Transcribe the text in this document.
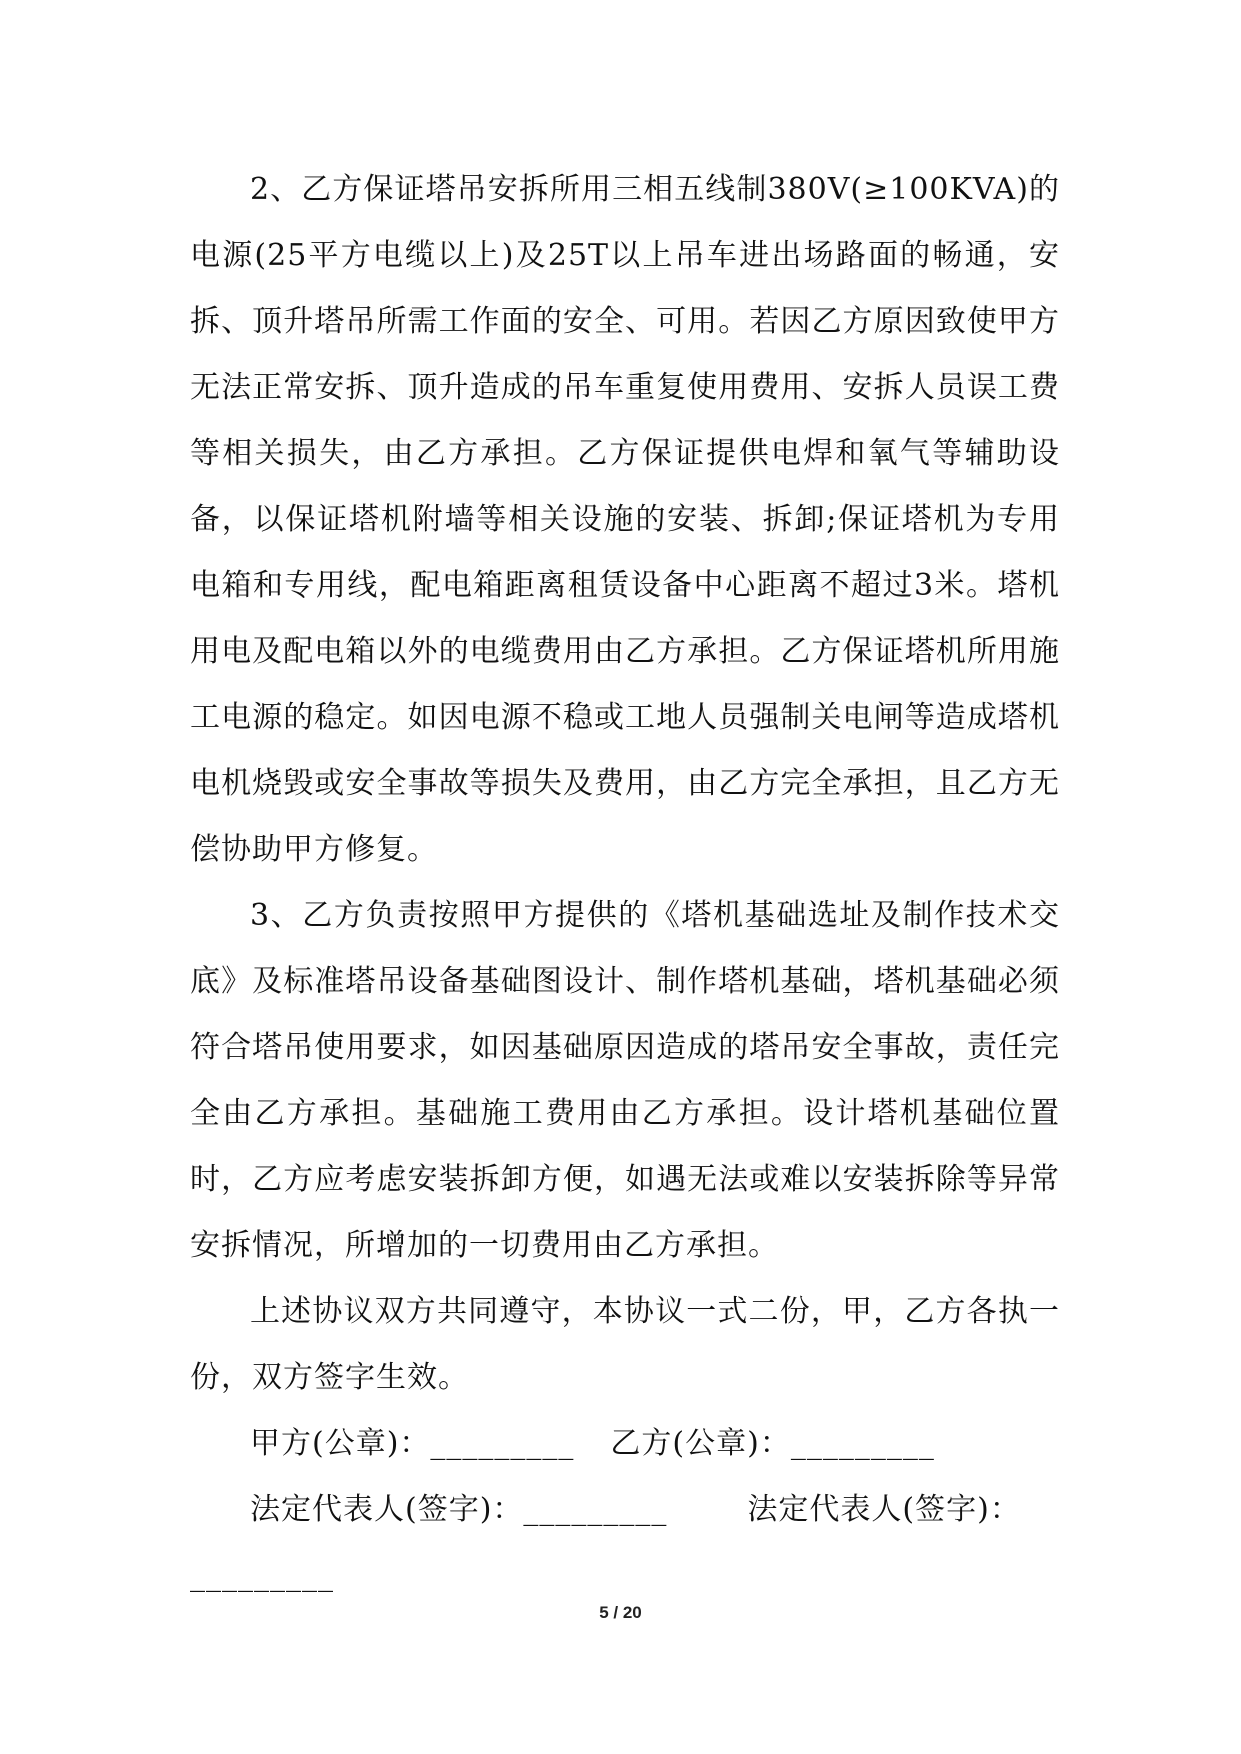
2、乙方保证塔吊安拆所用三相五线制380V(≥100KVA)的电源(25平方电缆以上)及25T以上吊车进出场路面的畅通，安拆、顶升塔吊所需工作面的安全、可用。若因乙方原因致使甲方无法正常安拆、顶升造成的吊车重复使用费用、安拆人员误工费等相关损失，由乙方承担。乙方保证提供电焊和氧气等辅助设备，以保证塔机附墙等相关设施的安装、拆卸;保证塔机为专用电箱和专用线，配电箱距离租赁设备中心距离不超过3米。塔机用电及配电箱以外的电缆费用由乙方承担。乙方保证塔机所用施工电源的稳定。如因电源不稳或工地人员强制关电闸等造成塔机电机烧毁或安全事故等损失及费用，由乙方完全承担，且乙方无偿协助甲方修复。

3、乙方负责按照甲方提供的《塔机基础选址及制作技术交底》及标准塔吊设备基础图设计、制作塔机基础，塔机基础必须符合塔吊使用要求，如因基础原因造成的塔吊安全事故，责任完全由乙方承担。基础施工费用由乙方承担。设计塔机基础位置时，乙方应考虑安装拆卸方便，如遇无法或难以安装拆除等异常安拆情况，所增加的一切费用由乙方承担。

上述协议双方共同遵守，本协议一式二份，甲，乙方各执一份，双方签字生效。

甲方(公章)：_________ 乙方(公章)：_________

法定代表人(签字)：_________	法定代表人(签字)：

_________

5 / 20
